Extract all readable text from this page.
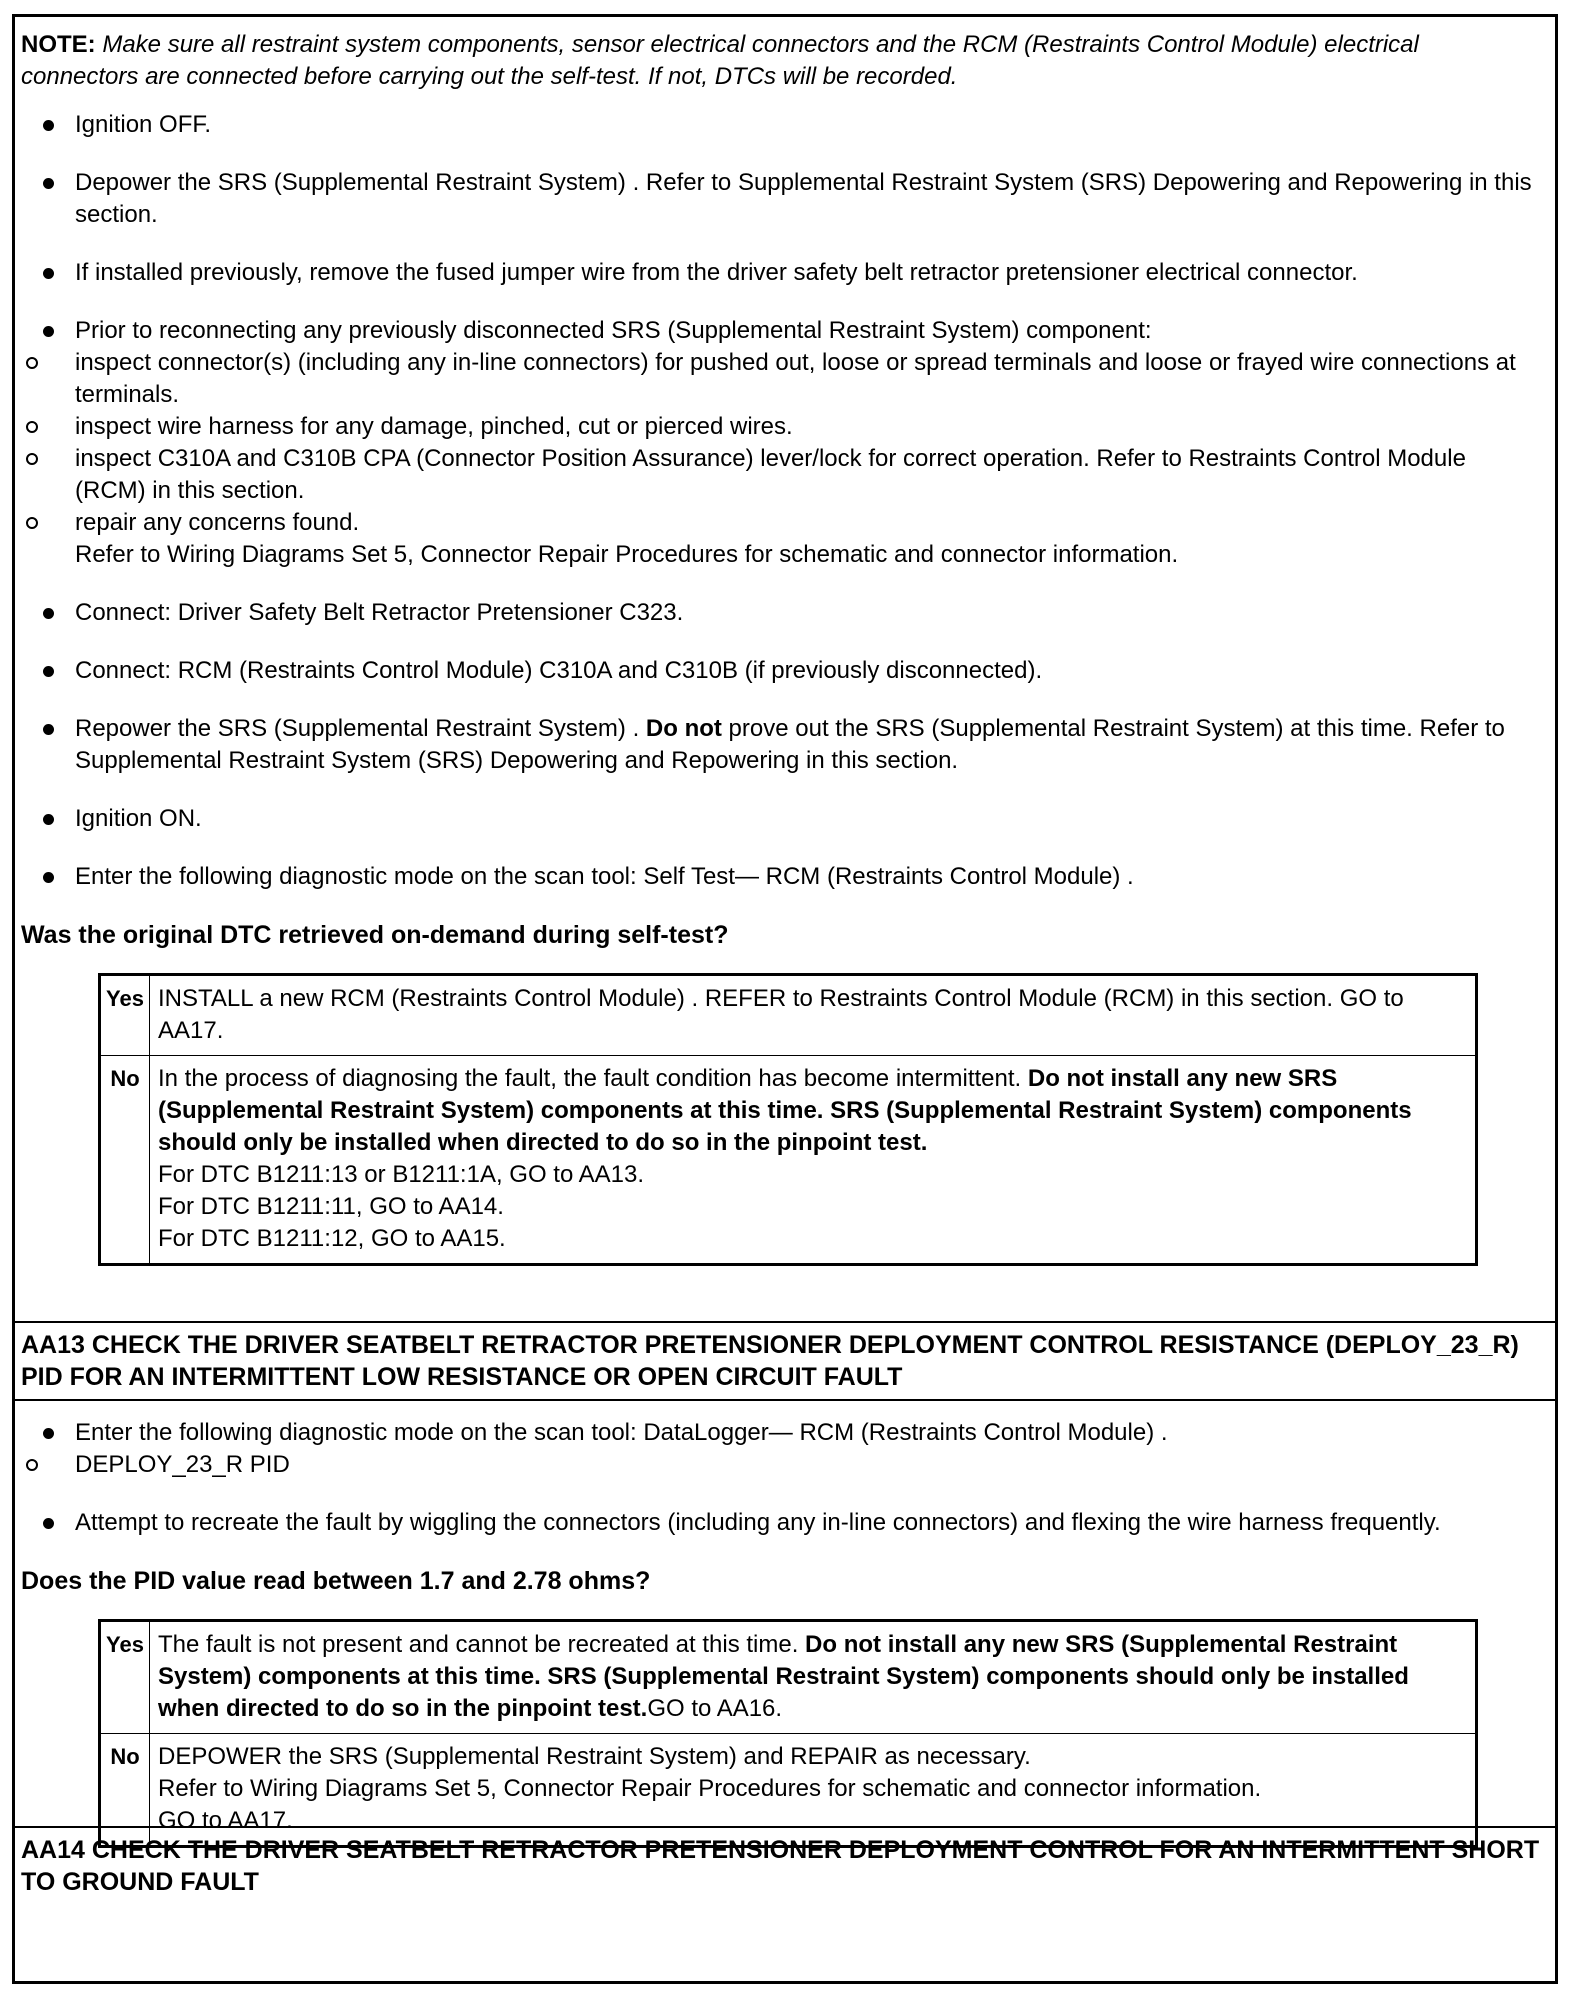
NOTE: Make sure all restraint system components, sensor electrical connectors and the RCM (Restraints Control Module) electrical connectors are connected before carrying out the self-test. If not, DTCs will be recorded.

Ignition OFF.
Depower the SRS (Supplemental Restraint System) . Refer to Supplemental Restraint System (SRS) Depowering and Repowering in this section.
If installed previously, remove the fused jumper wire from the driver safety belt retractor pretensioner electrical connector.
Prior to reconnecting any previously disconnected SRS (Supplemental Restraint System) component:
inspect connector(s) (including any in-line connectors) for pushed out, loose or spread terminals and loose or frayed wire connections at terminals.
inspect wire harness for any damage, pinched, cut or pierced wires.
inspect C310A and C310B CPA (Connector Position Assurance) lever/lock for correct operation. Refer to Restraints Control Module (RCM) in this section.
repair any concerns found.
Refer to Wiring Diagrams Set 5, Connector Repair Procedures for schematic and connector information.
Connect: Driver Safety Belt Retractor Pretensioner C323.
Connect: RCM (Restraints Control Module) C310A and C310B (if previously disconnected).
Repower the SRS (Supplemental Restraint System) . Do not prove out the SRS (Supplemental Restraint System) at this time. Refer to Supplemental Restraint System (SRS) Depowering and Repowering in this section.
Ignition ON.
Enter the following diagnostic mode on the scan tool: Self Test— RCM (Restraints Control Module) .
Was the original DTC retrieved on-demand during self-test?
Yes	INSTALL a new RCM (Restraints Control Module) . REFER to Restraints Control Module (RCM) in this section. GO to AA17.
No	In the process of diagnosing the fault, the fault condition has become intermittent. Do not install any new SRS (Supplemental Restraint System) components at this time. SRS (Supplemental Restraint System) components should only be installed when directed to do so in the pinpoint test.
For DTC B1211:13 or B1211:1A, GO to AA13.
For DTC B1211:11, GO to AA14.
For DTC B1211:12, GO to AA15.
AA13 CHECK THE DRIVER SEATBELT RETRACTOR PRETENSIONER DEPLOYMENT CONTROL RESISTANCE (DEPLOY_23_R) PID FOR AN INTERMITTENT LOW RESISTANCE OR OPEN CIRCUIT FAULT
Enter the following diagnostic mode on the scan tool: DataLogger— RCM (Restraints Control Module) .
DEPLOY_23_R PID
Attempt to recreate the fault by wiggling the connectors (including any in-line connectors) and flexing the wire harness frequently.
Does the PID value read between 1.7 and 2.78 ohms?
Yes	The fault is not present and cannot be recreated at this time. Do not install any new SRS (Supplemental Restraint System) components at this time. SRS (Supplemental Restraint System) components should only be installed when directed to do so in the pinpoint test.GO to AA16.
No	DEPOWER the SRS (Supplemental Restraint System) and REPAIR as necessary.
Refer to Wiring Diagrams Set 5, Connector Repair Procedures for schematic and connector information.
GO to AA17.
AA14 CHECK THE DRIVER SEATBELT RETRACTOR PRETENSIONER DEPLOYMENT CONTROL FOR AN INTERMITTENT SHORT TO GROUND FAULT
